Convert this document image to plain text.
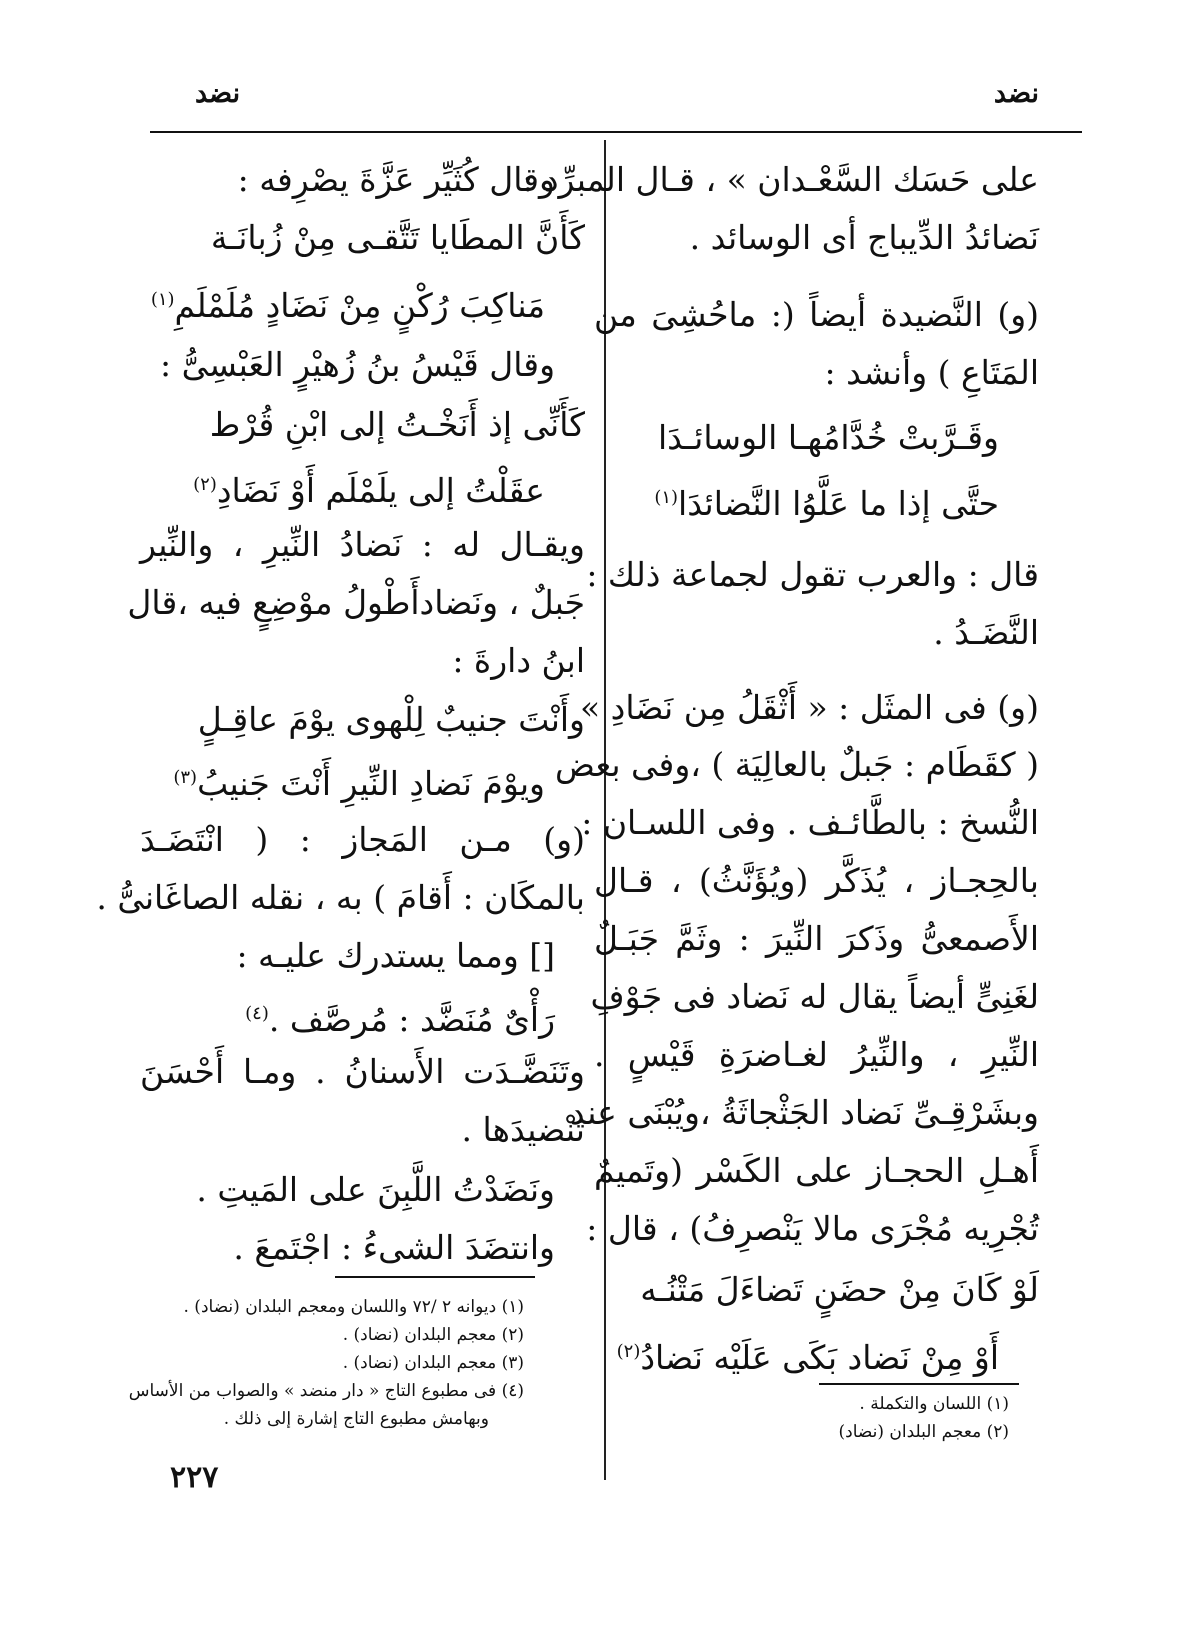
نضد
نضد
على حَسَك السَّعْـدان » ، قـال المبرِّد :
نَضائدُ الدِّيباج أى الوسائد .
(و) النَّضيدة أيضاً (: ماحُشِىَ من
المَتَاعِ ) وأنشد :
وقَـرَّبتْ خُدَّامُهـا الوسائـدَا
حتَّى إذا ما عَلَّوُا النَّضائدَا$^{(١)}$
قال : والعرب تقول لجماعة ذلك :
النَّضَـدُ .
(و) فى المثَل : « أَثْقَلُ مِن نَضَادِ »
( كقَطَام : جَبلٌ بالعالِيَة ) ،وفى بعض
النُّسخ : بالطَّائـف . وفى اللسـان :
بالحِجـاز ، يُذَكَّر (ويُؤَنَّثُ) ، قـال
الأَصمعىُّ وذَكرَ النِّيرَ : وثَمَّ جَبَـلٌ
لغَنِىٍّ أيضاً يقال له نَضاد فى جَوْفِ
النِّيرِ ، والنِّيرُ لغـاضرَةِ قَيْسٍ .
وبشَرْقِـىِّ نَضاد الجَثْجاثَةُ ،ويُبْنَى عند
أَهـلِ الحجـاز على الكَسْر (وتَميمٌ
تُجْرِيه مُجْرَى مالا يَنْصرِفُ) ، قال :
لَوْ كَانَ مِنْ حضَنٍ تَضاءَلَ مَتْنُـه
أَوْ مِنْ نَضاد بَكَى عَلَيْه نَضادُ$^{(٢)}$
(١) اللسان والتكملة .
(٢) معجم البلدان (نضاد)
وقال كُثَيِّر عَزَّةَ يصْرِفه :
كَأَنَّ المطَايا تَتَّقـى مِنْ زُبانَـة
مَناكِبَ رُكْنٍ مِنْ نَضَادٍ مُلَمْلَمِ$^{(١)}$
وقال قَيْسُ بنُ زُهيْرٍ العَبْسِىُّ :
كَأَنِّى إذ أَنَخْـتُ إلى ابْنِ قُرْط
عقَلْتُ إلى يلَمْلَم أَوْ نَضَادِ$^{(٢)}$
ويقـال له : نَضادُ النِّيرِ ، والنِّير
جَبلٌ ، ونَضادأَطْولُ موْضِعٍ فيه ،قال
ابنُ دارةَ :
وأَنْتَ جنيبٌ لِلْهوى يوْمَ عاقِـلٍ
ويوْمَ نَضادِ النِّيرِ أَنْتَ جَنيبُ$^{(٣)}$
(و) مـن المَجاز : ( انْتَضَـدَ
بالمكَان : أَقامَ ) به ، نقله الصاغَانىُّ .
[] ومما يستدرك عليـه :
رَأْىٌ مُنَضَّد : مُرصَّف .$^{(٤)}$
وتَنَضَّـدَت الأَسنانُ . ومـا أَحْسَنَ
تَنْضيدَها .
ونَضَدْتُ اللَّبِنَ على المَيتِ .
وانتضَدَ الشىءُ : اجْتَمعَ .
(١) ديوانه ٢ /٧٢ واللسان ومعجم البلدان (نضاد) .
(٢) معجم البلدان (نضاد) .
(٣) معجم البلدان (نضاد) .
(٤) فى مطبوع التاج « دار منضد » والصواب من الأساس
وبهامش مطبوع التاج إشارة إلى ذلك .
٢٢٧
